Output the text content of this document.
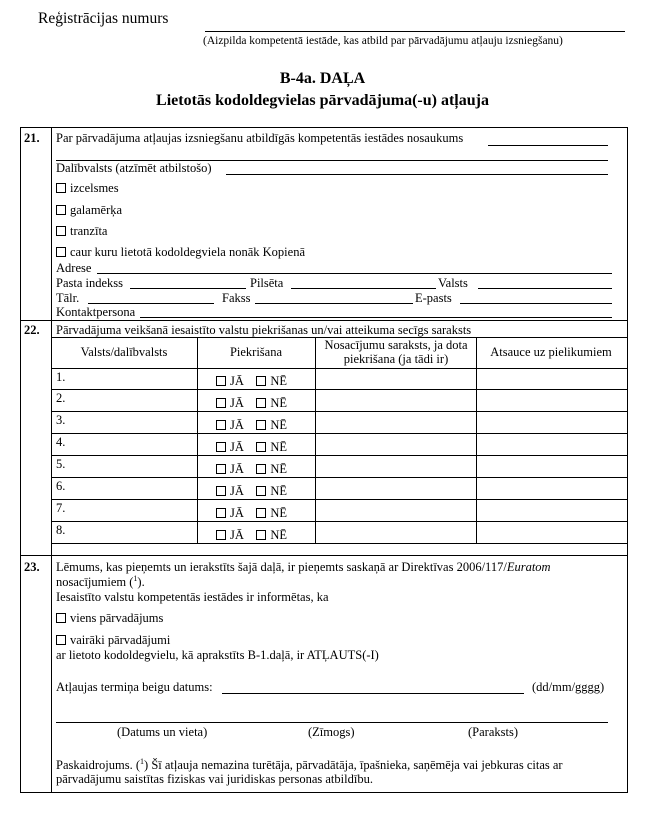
Reģistrācijas numurs
(Aizpilda kompetentā iestāde, kas atbild par pārvadājumu atļauju izsniegšanu)
B-4a. DAĻA
Lietotās kodoldegvielas pārvadājuma(-u) atļauja
21. Par pārvadājuma atļaujas izsniegšanu atbildīgās kompetentās iestādes nosaukums
Dalībvalsts (atzīmēt atbilstošo)
izcelsmes
galamērķa
tranzīta
caur kuru lietotā kodoldegviela nonāk Kopienā
Adrese
Pasta indekss	Pilsēta	Valsts
Tālr.	Fakss	E-pasts
Kontaktpersona
22. Pārvadājuma veikšanā iesaistīto valstu piekrišanas un/vai atteikuma secīgs saraksts
Valsts/dalībvalsts	Piekrišana	Nosacījumu saraksts, ja dota piekrišana (ja tādi ir)	Atsauce uz pielikumiem
1.	JĀ NĒ
2.	JĀ NĒ
3.	JĀ NĒ
4.	JĀ NĒ
5.	JĀ NĒ
6.	JĀ NĒ
7.	JĀ NĒ
8.	JĀ NĒ
23. Lēmums, kas pieņemts un ierakstīts šajā daļā, ir pieņemts saskaņā ar Direktīvas 2006/117/Euratom
nosacījumiem ($^1$).
Iesaistīto valstu kompetentās iestādes ir informētas, ka
viens pārvadājums
vairāki pārvadājumi
ar lietoto kodoldegvielu, kā aprakstīts B-1.daļā, ir ATĻAUTS(-I)
Atļaujas termiņa beigu datums:	(dd/mm/gggg)
(Datums un vieta)	(Zīmogs)	(Paraksts)
Paskaidrojums. ($^1$) Šī atļauja nemazina turētāja, pārvadātāja, īpašnieka, saņēmēja vai jebkuras citas ar
pārvadājumu saistītas fiziskas vai juridiskas personas atbildību.
